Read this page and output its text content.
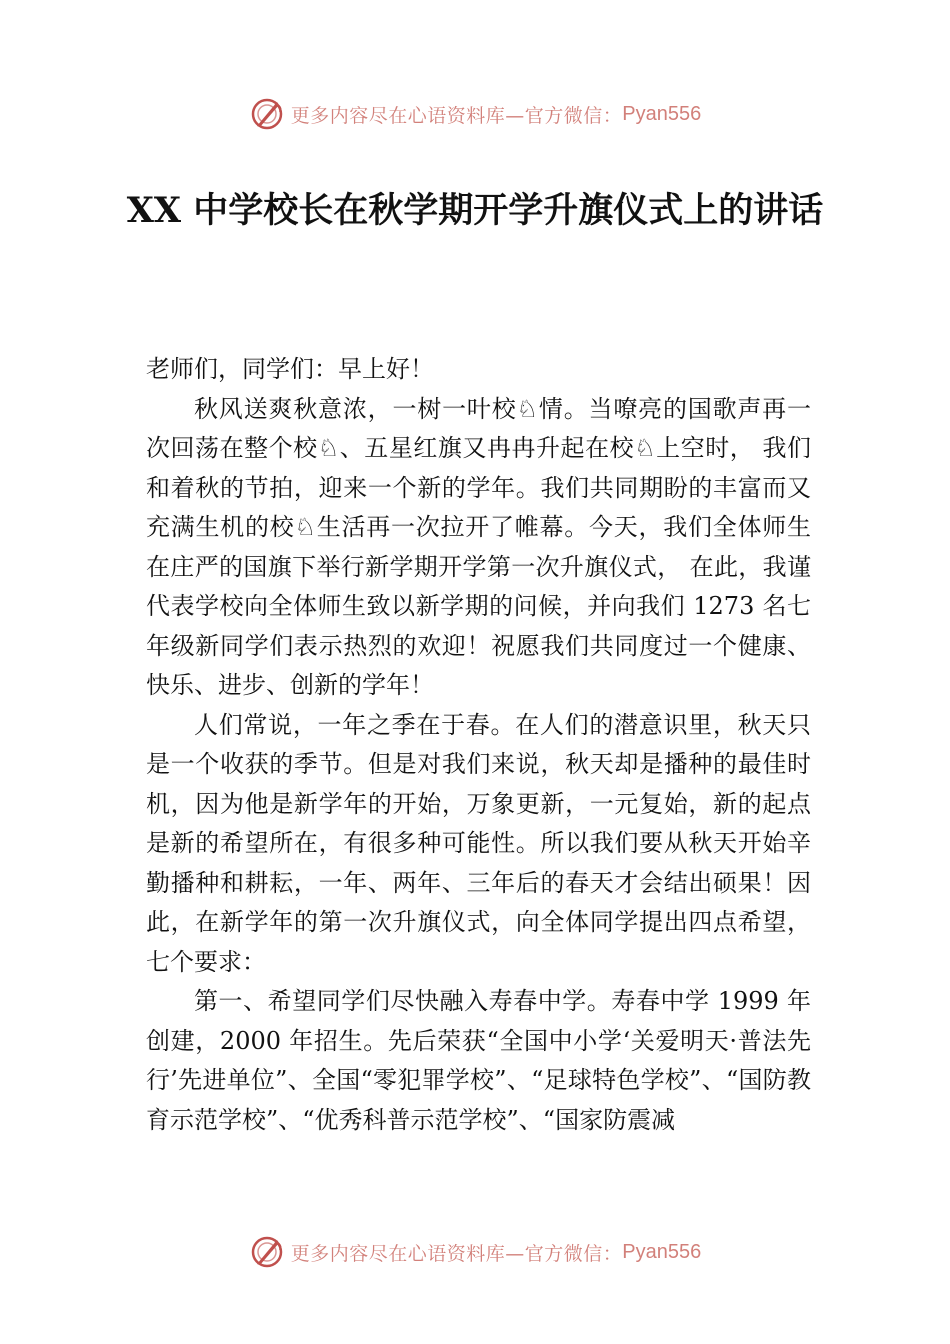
更多内容尽在心语资料库—官方微信： Pyan556
XX 中学校长在秋学期开学升旗仪式上的讲话

老师们，同学们：早上好！

秋风送爽秋意浓，一树一叶校♘情。当嘹亮的国歌声再一次回荡在整个校♘、五星红旗又冉冉升起在校♘上空时， 我们和着秋的节拍，迎来一个新的学年。我们共同期盼的丰富而又充满生机的校♘生活再一次拉开了帷幕。今天，我们全体师生在庄严的国旗下举行新学期开学第一次升旗仪式， 在此，我谨代表学校向全体师生致以新学期的问候，并向我们 1273 名七年级新同学们表示热烈的欢迎！祝愿我们共同度过一个健康、快乐、进步、创新的学年！

人们常说，一年之季在于春。在人们的潜意识里，秋天只是一个收获的季节。但是对我们来说，秋天却是播种的最佳时机，因为他是新学年的开始，万象更新，一元复始，新的起点是新的希望所在，有很多种可能性。所以我们要从秋天开始辛勤播种和耕耘，一年、两年、三年后的春天才会结出硕果！因此，在新学年的第一次升旗仪式，向全体同学提出四点希望，七个要求：

第一、希望同学们尽快融入寿春中学。寿春中学 1999 年创建，2000 年招生。先后荣获“全国中小学‘关爱明天·普法先行’先进单位”、全国“零犯罪学校”、“足球特色学校”、“国防教育示范学校”、“优秀科普示范学校”、“国家防震减

更多内容尽在心语资料库—官方微信： Pyan556
